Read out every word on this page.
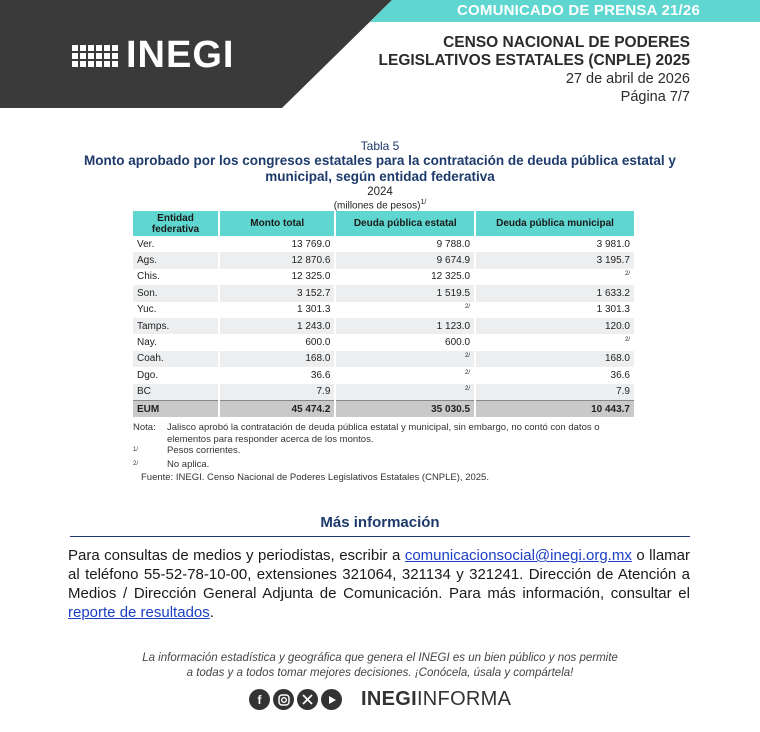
COMUNICADO DE PRENSA 21/26
INEGI	CENSO NACIONAL DE PODERES
LEGISLATIVOS ESTATALES (CNPLE) 2025
27 de abril de 2026
Página 7/7
Tabla 5
Monto aprobado por los congresos estatales para la contratación de deuda pública estatal y municipal, según entidad federativa
2024
(millones de pesos)$^{1/}$
Entidad federativa	Monto total	Deuda pública estatal	Deuda pública municipal
Ver.	13 769.0	9 788.0	3 981.0
Ags.	12 870.6	9 674.9	3 195.7
Chis.	12 325.0	12 325.0	$^{2/}$
Son.	3 152.7	1 519.5	1 633.2
Yuc.	1 301.3	$^{2/}$	1 301.3
Tamps.	1 243.0	1 123.0	120.0
Nay.	600.0	600.0	$^{2/}$
Coah.	168.0	$^{2/}$	168.0
Dgo.	36.6	$^{2/}$	36.6
BC	7.9	$^{2/}$	7.9
EUM	45 474.2	35 030.5	10 443.7
Nota:	Jalisco aprobó la contratación de deuda pública estatal y municipal, sin embargo, no contó con datos o elementos para responder acerca de los montos.
$^{1/}$	Pesos corrientes.
$^{2/}$	No aplica.
Fuente: INEGI. Censo Nacional de Poderes Legislativos Estatales (CNPLE), 2025.
Más información
Para consultas de medios y periodistas, escribir a comunicacionsocial@inegi.org.mx o llamar al teléfono 55-52-78-10-00, extensiones 321064, 321134 y 321241. Dirección de Atención a Medios / Dirección General Adjunta de Comunicación. Para más información, consultar el reporte de resultados.
La información estadística y geográfica que genera el INEGI es un bien público y nos permite
a todas y a todos tomar mejores decisiones. ¡Conócela, úsala y compártela!
f	INEGIINFORMA
